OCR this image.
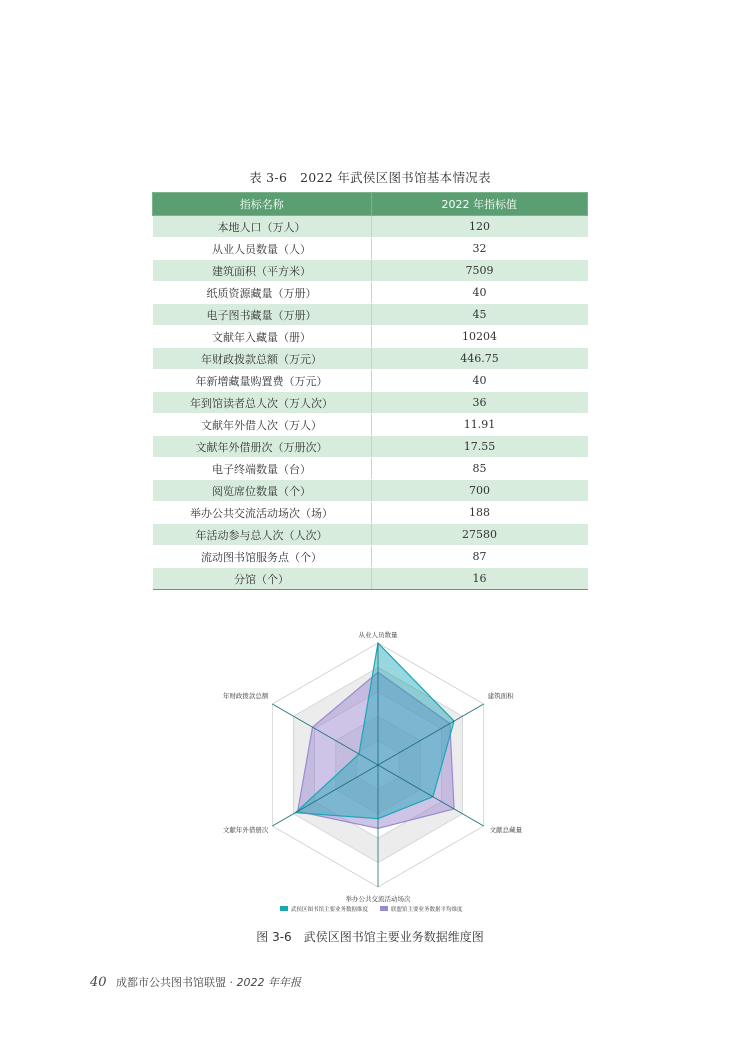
表 3-6　2022 年武侯区图书馆基本情况表
指标名称	2022 年指标值
本地人口（万人）	120
从业人员数量（人）	32
建筑面积（平方米）	7509
纸质资源藏量（万册）	40
电子图书藏量（万册）	45
文献年入藏量（册）	10204
年财政拨款总额（万元）	446.75
年新增藏量购置费（万元）	40
年到馆读者总人次（万人次）	36
文献年外借人次（万人）	11.91
文献年外借册次（万册次）	17.55
电子终端数量（台）	85
阅览席位数量（个）	700
举办公共交流活动场次（场）	188
年活动参与总人次（人次）	27580
流动图书馆服务点（个）	87
分馆（个）	16
从业人员数量
建筑面积
文献总藏量
举办公共交流活动场次
文献年外借册次
年财政拨款总额
武侯区图书馆主要业务数据维度	联盟馆主要业务数据平均维度
图 3-6　武侯区图书馆主要业务数据维度图
40 成都市公共图书馆联盟 · 2022 年年报
